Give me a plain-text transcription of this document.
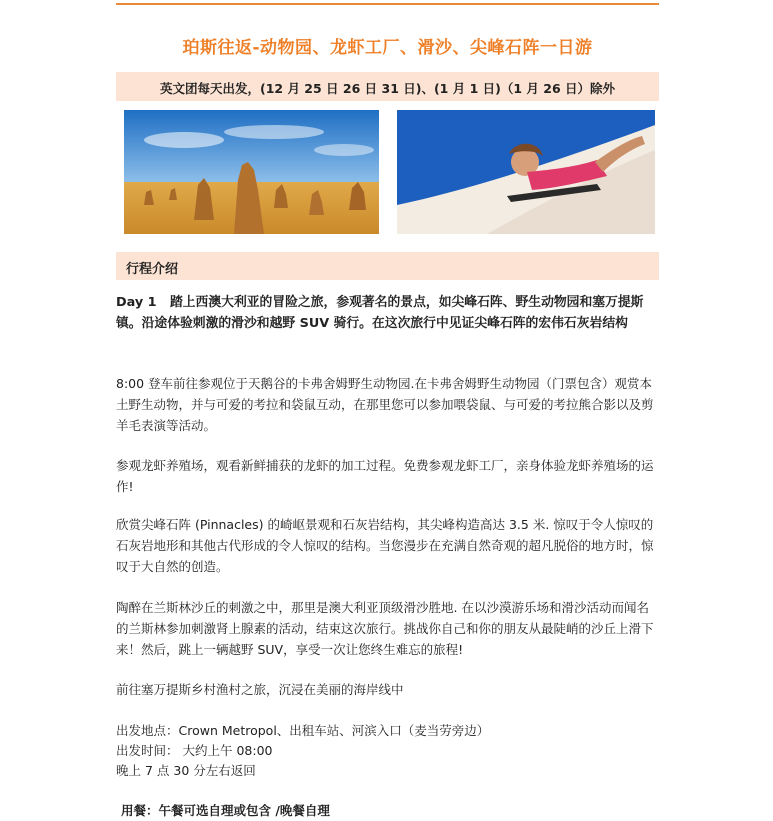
珀斯往返-动物园、龙虾工厂、滑沙、尖峰石阵一日游
英文团每天出发，(12 月 25 日 26 日 31 日)、(1 月 1 日)（1 月 26 日）除外
行程介绍
Day 1 踏上西澳大利亚的冒险之旅，参观著名的景点，如尖峰石阵、野生动物园和塞万提斯镇。沿途体验刺激的滑沙和越野 SUV 骑行。在这次旅行中见证尖峰石阵的宏伟石灰岩结构
8:00 登车前往参观位于天鹅谷的卡弗舍姆野生动物园.在卡弗舍姆野生动物园（门票包含）观赏本土野生动物，并与可爱的考拉和袋鼠互动，在那里您可以参加喂袋鼠、与可爱的考拉熊合影以及剪羊毛表演等活动。
参观龙虾养殖场，观看新鲜捕获的龙虾的加工过程。免费参观龙虾工厂，亲身体验龙虾养殖场的运作!
欣赏尖峰石阵 (Pinnacles) 的崎岖景观和石灰岩结构，其尖峰构造高达 3.5 米. 惊叹于令人惊叹的石灰岩地形和其他古代形成的令人惊叹的结构。当您漫步在充满自然奇观的超凡脱俗的地方时，惊叹于大自然的创造。
陶醉在兰斯林沙丘的刺激之中，那里是澳大利亚顶级滑沙胜地. 在以沙漠游乐场和滑沙活动而闻名的兰斯林参加刺激肾上腺素的活动，结束这次旅行。挑战你自己和你的朋友从最陡峭的沙丘上滑下来！然后，跳上一辆越野 SUV，享受一次让您终生难忘的旅程!
前往塞万提斯乡村渔村之旅，沉浸在美丽的海岸线中
出发地点：Crown Metropol、出租车站、河滨入口（麦当劳旁边）
出发时间： 大约上午 08:00
晚上 7 点 30 分左右返回
用餐：午餐可选自理或包含 /晚餐自理
